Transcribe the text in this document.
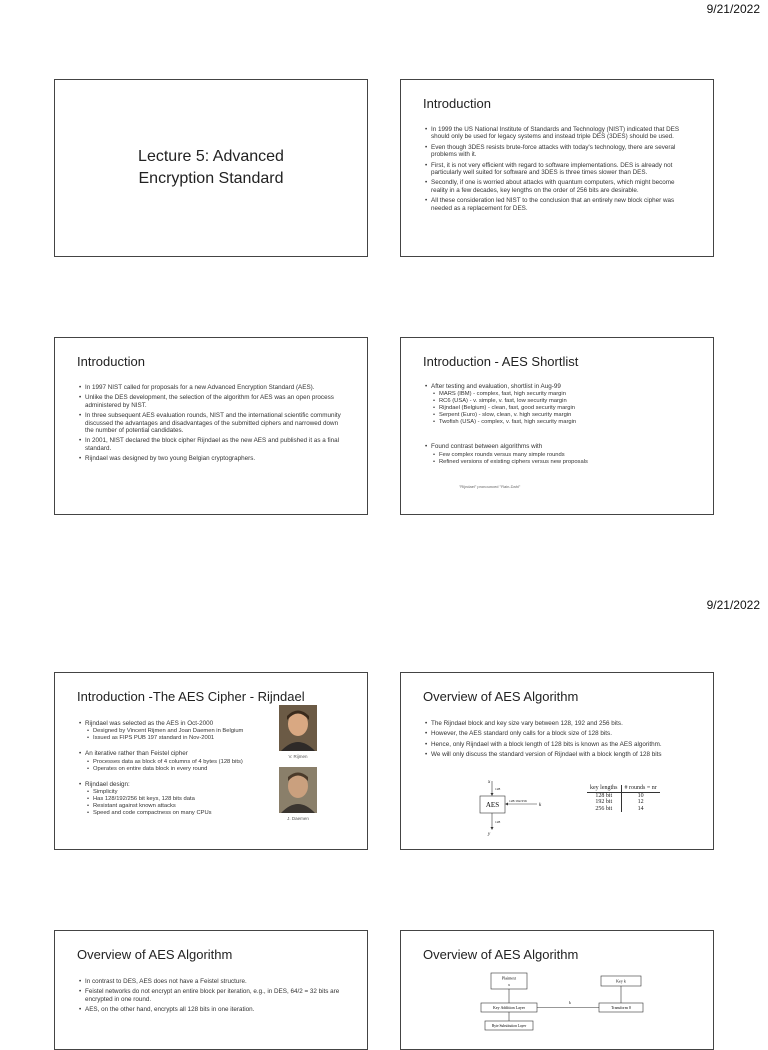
9/21/2022
9/21/2022
Lecture 5: Advanced
Encryption Standard
Introduction
• In 1999 the US National Institute of Standards and Technology (NIST) indicated that DES should only be used for legacy systems and instead triple DES (3DES) should be used.
• Even though 3DES resists brute-force attacks with today's technology, there are several problems with it.
• First, it is not very efficient with regard to software implementations. DES is already not particularly well suited for software and 3DES is three times slower than DES.
• Secondly, if one is worried about attacks with quantum computers, which might become reality in a few decades, key lengths on the order of 256 bits are desirable.
• All these consideration led NIST to the conclusion that an entirely new block cipher was needed as a replacement for DES.
Introduction
• In 1997 NIST called for proposals for a new Advanced Encryption Standard (AES).
• Unlike the DES development, the selection of the algorithm for AES was an open process administered by NIST.
• In three subsequent AES evaluation rounds, NIST and the international scientific community discussed the advantages and disadvantages of the submitted ciphers and narrowed down the number of potential candidates.
• In 2001, NIST declared the block cipher Rijndael as the new AES and published it as a final standard.
• Rijndael was designed by two young Belgian cryptographers.
Introduction - AES Shortlist
• After testing and evaluation, shortlist in Aug-99
• MARS (IBM) - complex, fast, high security margin
• RC6 (USA) - v. simple, v. fast, low security margin
• Rijndael (Belgium) - clean, fast, good security margin
• Serpent (Euro) - slow, clean, v. high security margin
• Twofish (USA) - complex, v. fast, high security margin
• Found contrast between algorithms with
• Few complex rounds versus many simple rounds
• Refined versions of existing ciphers versus new proposals
"Rijndael" pronounced "Rain-Dahl"
Introduction -The AES Cipher - Rijndael
• Rijndael was selected as the AES in Oct-2000
• Designed by Vincent Rijmen and Joan Daemen in Belgium
• Issued as FIPS PUB 197 standard in Nov-2001
• An iterative rather than Feistel cipher
• Processes data as block of 4 columns of 4 bytes (128 bits)
• Operates on entire data block in every round
• Rijndael design:
• Simplicity
• Has 128/192/256 bit keys, 128 bits data
• Resistant against known attacks
• Speed and code compactness on many CPUs
V. Rijmen
J. Daemen
Overview of AES Algorithm
• The Rijndael block and key size vary between 128, 192 and 256 bits.
• However, the AES standard only calls for a block size of 128 bits.
• Hence, only Rijndael with a block length of 128 bits is known as the AES algorithm.
• We will only discuss the standard version of Rijndael with a block length of 128 bits
x
128
AES	128/192/256
k
128
y
key lengths	# rounds = nr
128 bit	10
192 bit	12
256 bit	14
Overview of AES Algorithm
• In contrast to DES, AES does not have a Feistel structure.
• Feistel networks do not encrypt an entire block per iteration, e.g., in DES, 64/2 = 32 bits are encrypted in one round.
• AES, on the other hand, encrypts all 128 bits in one iteration.
Overview of AES Algorithm
Plaintext
x
Key k
Key Addition Layer	Transform 0
k
Byte Substitution Layer
